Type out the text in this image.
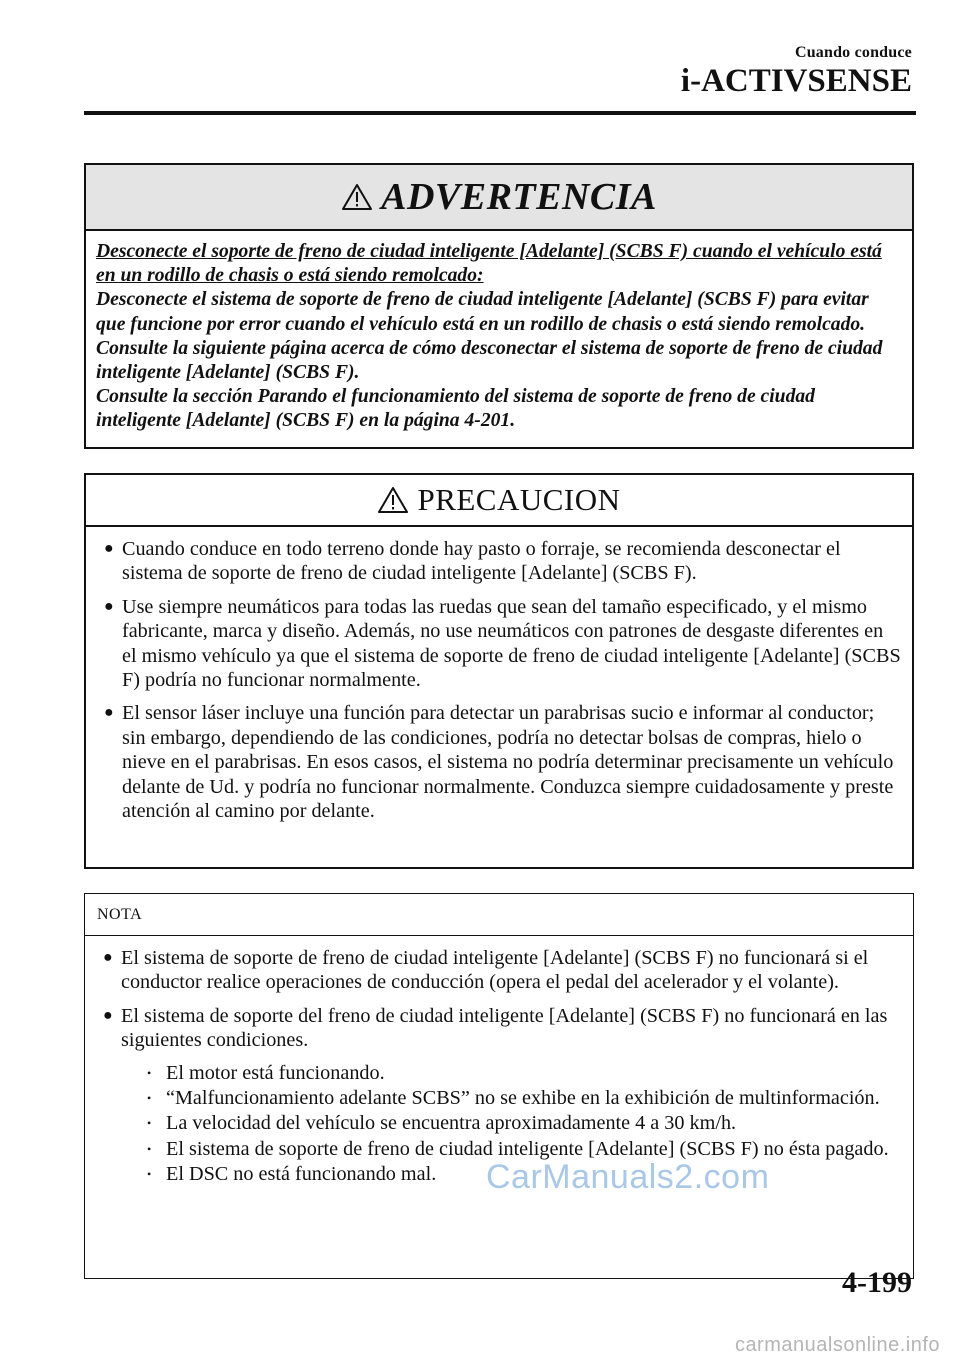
Cuando conduce
i-ACTIVSENSE
ADVERTENCIA
Desconecte el soporte de freno de ciudad inteligente [Adelante] (SCBS F) cuando el vehículo está en un rodillo de chasis o está siendo remolcado:
Desconecte el sistema de soporte de freno de ciudad inteligente [Adelante] (SCBS F) para evitar que funcione por error cuando el vehículo está en un rodillo de chasis o está siendo remolcado. Consulte la siguiente página acerca de cómo desconectar el sistema de soporte de freno de ciudad inteligente [Adelante] (SCBS F).
Consulte la sección Parando el funcionamiento del sistema de soporte de freno de ciudad inteligente [Adelante] (SCBS F) en la página 4-201.
PRECAUCION
● Cuando conduce en todo terreno donde hay pasto o forraje, se recomienda desconectar el sistema de soporte de freno de ciudad inteligente [Adelante] (SCBS F).
● Use siempre neumáticos para todas las ruedas que sean del tamaño especificado, y el mismo fabricante, marca y diseño. Además, no use neumáticos con patrones de desgaste diferentes en el mismo vehículo ya que el sistema de soporte de freno de ciudad inteligente [Adelante] (SCBS F) podría no funcionar normalmente.
● El sensor láser incluye una función para detectar un parabrisas sucio e informar al conductor; sin embargo, dependiendo de las condiciones, podría no detectar bolsas de compras, hielo o nieve en el parabrisas. En esos casos, el sistema no podría determinar precisamente un vehículo delante de Ud. y podría no funcionar normalmente. Conduzca siempre cuidadosamente y preste atención al camino por delante.
NOTA
● El sistema de soporte de freno de ciudad inteligente [Adelante] (SCBS F) no funcionará si el conductor realice operaciones de conducción (opera el pedal del acelerador y el volante).
● El sistema de soporte del freno de ciudad inteligente [Adelante] (SCBS F) no funcionará en las siguientes condiciones.
• El motor está funcionando.
• “Malfuncionamiento adelante SCBS” no se exhibe en la exhibición de multinformación.
• La velocidad del vehículo se encuentra aproximadamente 4 a 30 km/h.
• El sistema de soporte de freno de ciudad inteligente [Adelante] (SCBS F) no ésta pagado.
• El DSC no está funcionando mal.	CarManuals2.com
4-199
carmanualsonline.info
